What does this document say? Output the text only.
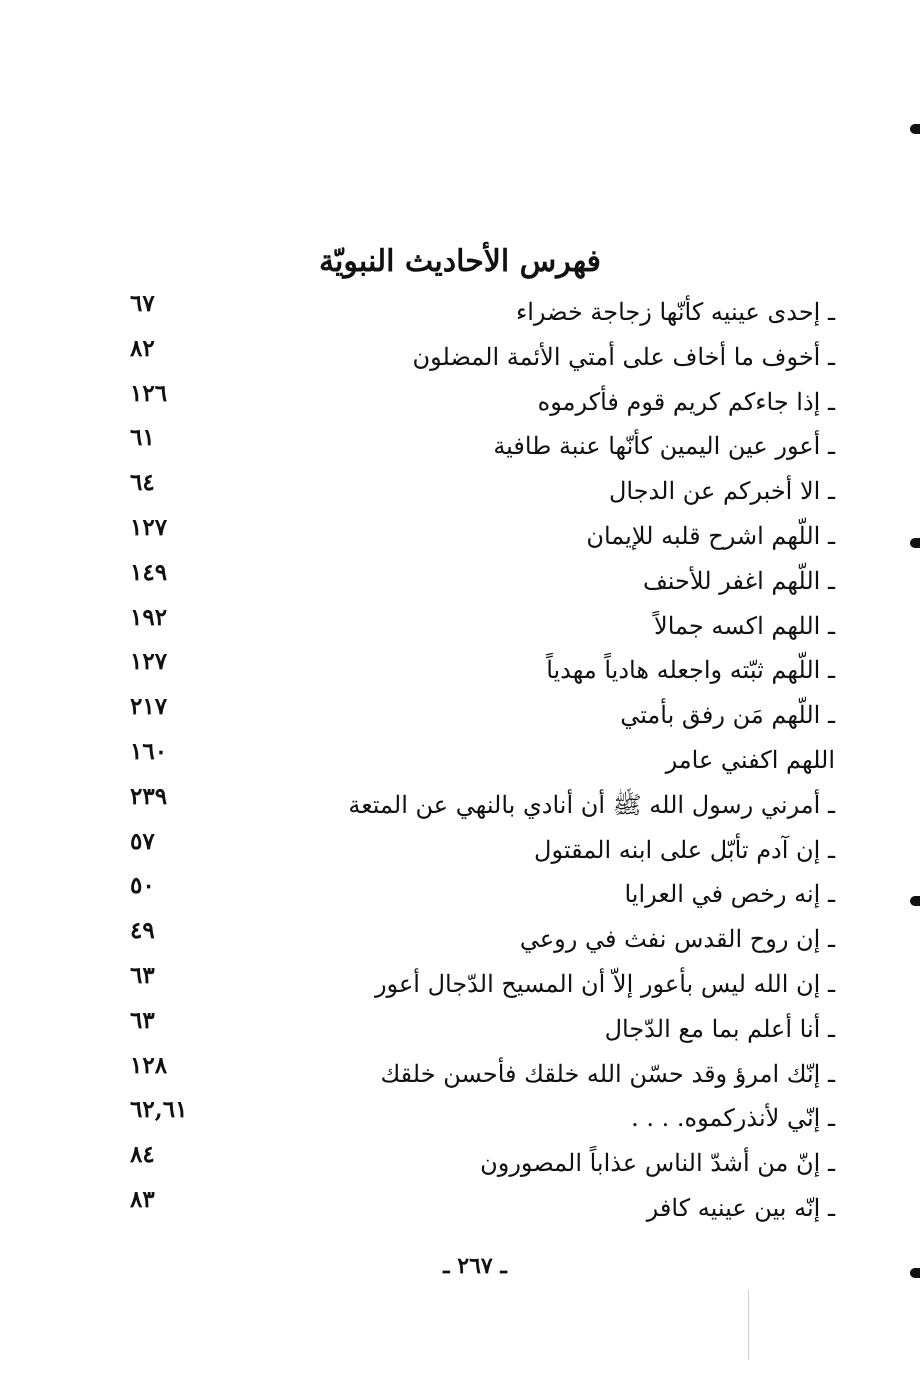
فهرس الأحاديث النبويّة
ـ إحدى عينيه كأنّها زجاجة خضراء
٦٧
ـ أخوف ما أخاف على أمتي الأئمة المضلون
٨٢
ـ إذا جاءكم كريم قوم فأكرموه
١٢٦
ـ أعور عين اليمين كأنّها عنبة طافية
٦١
ـ الا أخبركم عن الدجال
٦٤
ـ اللّهم اشرح قلبه للإيمان
١٢٧
ـ اللّهم اغفر للأحنف
١٤٩
ـ اللهم اكسه جمالاً
١٩٢
ـ اللّهم ثبّته واجعله هادياً مهدياً
١٢٧
ـ اللّهم مَن رفق بأمتي
٢١٧
اللهم اكفني عامر
١٦٠
ـ أمرني رسول الله ﷺ أن أنادي بالنهي عن المتعة
٢٣٩
ـ إن آدم تأبّل على ابنه المقتول
٥٧
ـ إنه رخص في العرايا
٥٠
ـ إن روح القدس نفث في روعي
٤٩
ـ إن الله ليس بأعور إلاّ أن المسيح الدّجال أعور
٦٣
ـ أنا أعلم بما مع الدّجال
٦٣
ـ إنّك امرؤ وقد حسّن الله خلقك فأحسن خلقك
١٢٨
ـ إنّي لأنذركموه. . . .
٦٢,٦١
ـ إنّ من أشدّ الناس عذاباً المصورون
٨٤
ـ إنّه بين عينيه كافر
٨٣
ـ ٢٦٧ ـ
